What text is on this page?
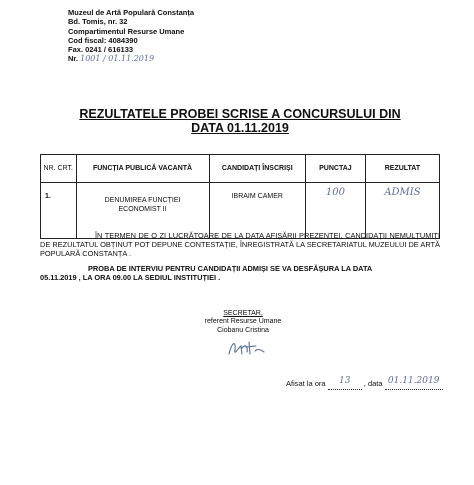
Muzeul de Artă Populară Constanța
Bd. Tomis, nr. 32
Compartimentul Resurse Umane
Cod fiscal: 4084390
Fax. 0241 / 616133
Nr. 1001 / 01.11.2019
REZULTATELE PROBEI SCRISE A CONCURSULUI DIN
DATA 01.11.2019
NR. CRT.	FUNCȚIA PUBLICĂ VACANTĂ	CANDIDAȚI ÎNSCRIȘI	PUNCTAJ	REZULTAT
1.	DENUMIREA FUNCȚIEI
ECONOMIST II	IBRAIM CAMER	100	ADMIS
ÎN TERMEN DE O ZI LUCRĂTOARE DE LA DATA AFIȘĂRII PREZENTEI, CANDIDAȚII NEMULȚUMIȚI DE REZULTATUL OBȚINUT POT DEPUNE CONTESTAȚIE, ÎNREGISTRATĂ LA SECRETARIATUL MUZEULUI DE ARTĂ POPULARĂ CONSTANȚA .
PROBA DE INTERVIU PENTRU CANDIDAȚII ADMIȘI SE VA DESFĂȘURA LA DATA
05.11.2019 , LA ORA 09.00 LA SEDIUL INSTITUȚIEI .
SECRETAR,
referent Resurse Umane
Ciobanu Cristina
Afisat la ora 13 , data 01.11.2019
